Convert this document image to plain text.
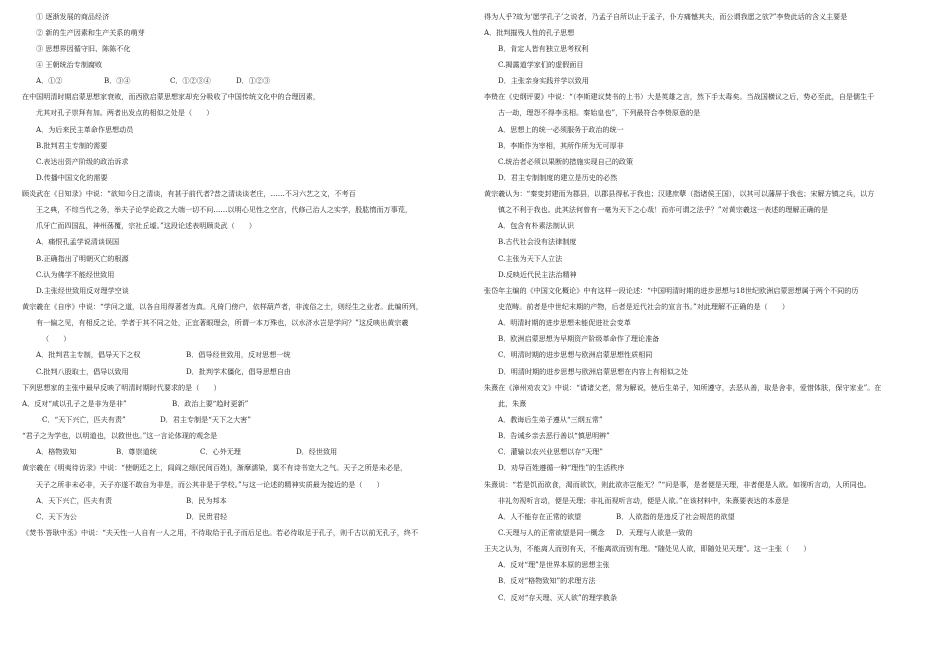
① 逐渐发展的商品经济
② 新的生产因素和生产关系的萌芽
③ 思想界因循守旧、陈陈不化
④ 王朝统治专制腐败
A．①②	B．③④	C．①②③④	D．①②③
在中国明清时期启蒙思想家衰败，而西欧启蒙思想家却充分吸收了中国传统文化中的合理因素，
尤其对孔子崇拜有加。两者出发点的相似之处是（　　）
A．为后来民主革命作思想动员
B.批判君主专制的需要
C.表达出资产阶级的政治诉求
D.传播中国文化的需要
顾炎武在《日知录》中说：“欲知今日之清谈，有甚于前代者?昔之清谈谈老庄，……不习六艺之文，不考百
王之典，不综当代之务，举夫子论学论政之大端一切不问……以明心见性之空言，代修己治人之实学，股肱惰而万事荒，
爪牙亡而四国乱，神州荡覆，宗社丘墟。”这段论述表明顾炎武（　　）
A．痛恨孔孟学说清谈误国
B.正确指出了明朝灭亡的根源
C.认为佛学不能经世致用
D.主张经世致用反对理学空谈
黄宗羲在《自序》中说：“学问之道，以各自用得著者为真。凡倚门傍户，依样葫芦者，非流俗之士，则经生之业者。此编所列，
有一偏之见，有相反之论，学者于其不同之处，正宜著眼理会，所谓一本万殊也，以水济水岂是学问？”这反映出黄宗羲
（　　）
A．批判君主专制，倡导天下之权	B．倡导经世致用，反对思想一统
C.批判八股取士，倡导以致用	D．批判学术僵化，倡导思想自由
下列思想家的主张中最早反映了明清时期时代要求的是（　　）
A．反对“咸以孔子之是非为是非”	B．政治上要“趋时更新”
C．“天下兴亡，匹夫有责”	D．君主专制是“天下之大害”
“君子之为学也，以明道也，以救世也。”这一言论体现的观念是
A．格物致知	B．尊崇道统	C．心外无理	D．经世致用
黄宗羲在《明夷待访录》中说：“使朝廷之上，闾阎之细(民间百姓)，渐摩濡染，莫不有诗书宽大之气。天子之所是未必是，
天子之所非未必非，天子亦遂不敢自为非是，而公其非是于学校。”与这一论述的精神实质最为接近的是（　　）
A．天下兴亡，匹夫有责	B．民为邦本
C．天下为公	D．民贵君轻
《焚书·答耿中丞》中说：“夫天性一人自有一人之用，不待取给于孔子而后足也。若必待取足于孔子，则千古以前无孔子，终不
得为人乎?故为‘愿学孔子’之说者，乃孟子自所以止于孟子，仆方痛憾其夫，而公谓我愿之欤?”李贽此话的含义主要是
A．批判摧残人性的孔子思想
B．肯定人皆有独立思考权利
C.揭露道学家们的虚假面目
D．主张亲身实践并学以致用
李贽在《史纲评要》中说：“（李斯建议焚书的上书）大是英雄之言，然下手太毒矣。当战国横议之后，势必至此，自是儒生千
古一劫，理怨不得李丞相。秦始皇也”，下列最符合李贽原意的是
A．思想上的统一必须服务于政治的统一
B．李斯作为宰相，其所作所为无可厚非
C.统治者必须以果断的措施实现自己的政策
D．君主专制制度的建立是历史的必然
黄宗羲认为：“秦变封建而为郡县，以郡县得私于我也；汉建庶孽（指诸侯王国），以其可以藩屏于我也；宋解方镇之兵，以方
镇之不利于我也。此其法何曾有一毫为天下之心哉！而亦可谓之法乎？”对黄宗羲这一表述的理解正确的是
A．包含有朴素法制认识
B.古代社会没有法律制度
C.主张为天下人立法
D.反映近代民主法治精神
张岱年主编的《中国文化概论》中有这样一段论述：“中国明清时期的进步思想与18世纪欧洲启蒙思想属于两个不同的历
史范畴。前者是中世纪末期的产物，后者是近代社会的宣言书。”对此理解不正确的是（　　）
A．明清时期的进步思想未能促进社会变革
B．欧洲启蒙思想为早期资产阶级革命作了理论准备
C．明清时期的进步思想与欧洲启蒙思想性质相同
D．明清时期的进步思想与欧洲启蒙思想在内容上有相似之处
朱熹在《漳州劝农文》中说：“请诸父老，常为解说，使后生弟子，知所遵守，去恶从善，取是舍非，爱惜体肤，保守家业”。在
此，朱熹
A．教诲后生弟子遵从“三纲五常”
B．告诫乡亲去恶行善以“慎思明辨”
C．灌输以农兴业思想以存“天理”
D．劝导百姓遵循一种“理性”的生活秩序
朱熹说：“若是饥而欲食，渴而欲饮，则此欲亦岂能无？”“问是事，是者便是天理，非者便是人欲。如视听言动，人所同也。
非礼勿视听言动，便是天理；非礼而视听言动，便是人欲。”在该材料中，朱熹要表达的本意是
A．人不能存在正常的欲望	B．人欲指的是违反了社会规范的欲望
C.天理与人的正常欲望是同一概念	D．天理与人欲是一致的
王夫之认为，不能离人而别有天，不能离欲而别有理。“随处见人欲，即随处见天理”。这一主张（　　）
A．反对“理”是世界本原的思想主张
B．反对“格物致知”的求理方法
C．反对“存天理、灭人欲”的理学教条
